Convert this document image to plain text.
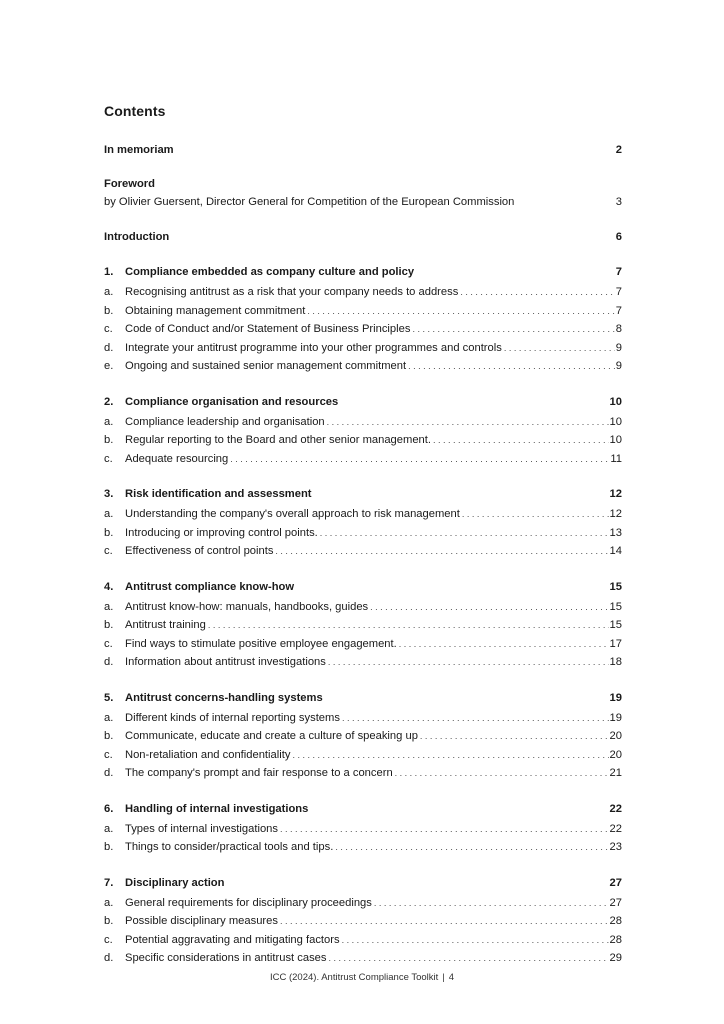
Contents
In memoriam	2
Foreword
by Olivier Guersent, Director General for Competition of the European Commission	3
Introduction	6
1.	Compliance embedded as company culture and policy	7
a.	Recognising antitrust as a risk that your company needs to address . . .	7
b.	Obtaining management commitment . . .	7
c.	Code of Conduct and/or Statement of Business Principles . . .	8
d.	Integrate your antitrust programme into your other programmes and controls . . .	9
e.	Ongoing and sustained senior management commitment . . .	9
2.	Compliance organisation and resources	10
a.	Compliance leadership and organisation . . .	10
b.	Regular reporting to the Board and other senior management. . . .	10
c.	Adequate resourcing . . .	11
3.	Risk identification and assessment	12
a.	Understanding the company's overall approach to risk management . . .	12
b.	Introducing or improving control points. . . .	13
c.	Effectiveness of control points . . .	14
4.	Antitrust compliance know-how	15
a.	Antitrust know-how: manuals, handbooks, guides . . .	15
b.	Antitrust training . . .	15
c.	Find ways to stimulate positive employee engagement. . . .	17
d.	Information about antitrust investigations . . .	18
5.	Antitrust concerns-handling systems	19
a.	Different kinds of internal reporting systems . . .	19
b.	Communicate, educate and create a culture of speaking up . . .	20
c.	Non-retaliation and confidentiality . . .	20
d.	The company's prompt and fair response to a concern . . .	21
6.	Handling of internal investigations	22
a.	Types of internal investigations . . .	22
b.	Things to consider/practical tools and tips. . . .	23
7.	Disciplinary action	27
a.	General requirements for disciplinary proceedings . . .	27
b.	Possible disciplinary measures . . .	28
c.	Potential aggravating and mitigating factors . . .	28
d.	Specific considerations in antitrust cases . . .	29
ICC (2024). Antitrust Compliance Toolkit | 4
